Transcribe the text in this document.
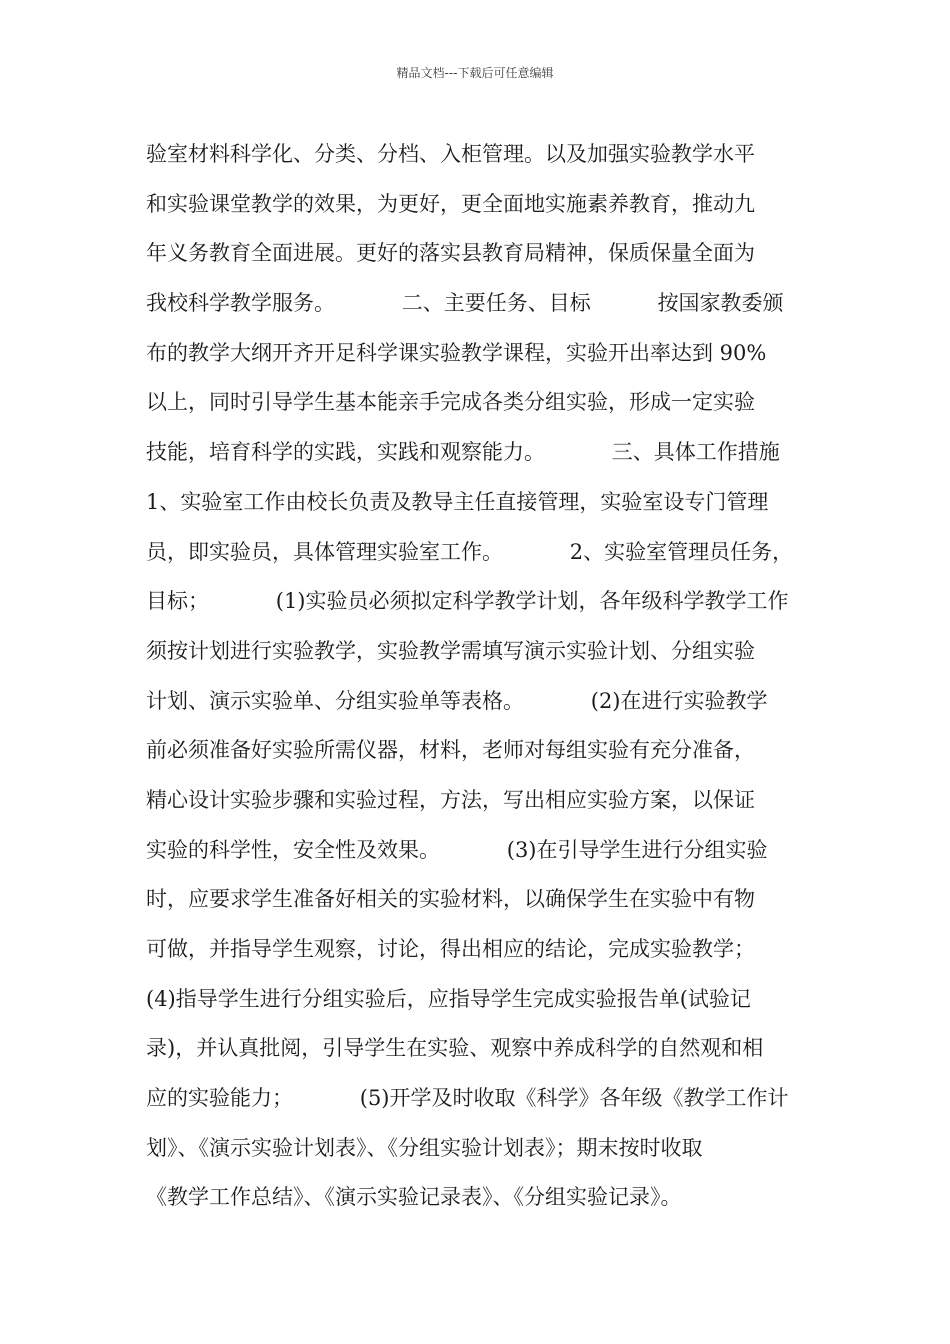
精品文档---下载后可任意编辑
验室材料科学化、分类、分档、入柜管理。以及加强实验教学水平
和实验课堂教学的效果，为更好，更全面地实施素养教育，推动九
年义务教育全面进展。更好的落实县教育局精神，保质保量全面为
我校科学教学服务。          二、主要任务、目标          按国家教委颁
布的教学大纲开齐开足科学课实验教学课程，实验开出率达到 90%
以上，同时引导学生基本能亲手完成各类分组实验，形成一定实验
技能，培育科学的实践，实践和观察能力。          三、具体工作措施
1、实验室工作由校长负责及教导主任直接管理，实验室设专门管理
员，即实验员，具体管理实验室工作。          2、实验室管理员任务，
目标；          (1)实验员必须拟定科学教学计划，各年级科学教学工作
须按计划进行实验教学，实验教学需填写演示实验计划、分组实验
计划、演示实验单、分组实验单等表格。          (2)在进行实验教学
前必须准备好实验所需仪器，材料，老师对每组实验有充分准备，
精心设计实验步骤和实验过程，方法，写出相应实验方案，以保证
实验的科学性，安全性及效果。          (3)在引导学生进行分组实验
时，应要求学生准备好相关的实验材料，以确保学生在实验中有物
可做，并指导学生观察，讨论，得出相应的结论，完成实验教学；
(4)指导学生进行分组实验后，应指导学生完成实验报告单(试验记
录)，并认真批阅，引导学生在实验、观察中养成科学的自然观和相
应的实验能力；          (5)开学及时收取《科学》各年级《教学工作计
划》、《演示实验计划表》、《分组实验计划表》；期末按时收取
《教学工作总结》、《演示实验记录表》、《分组实验记录》。
